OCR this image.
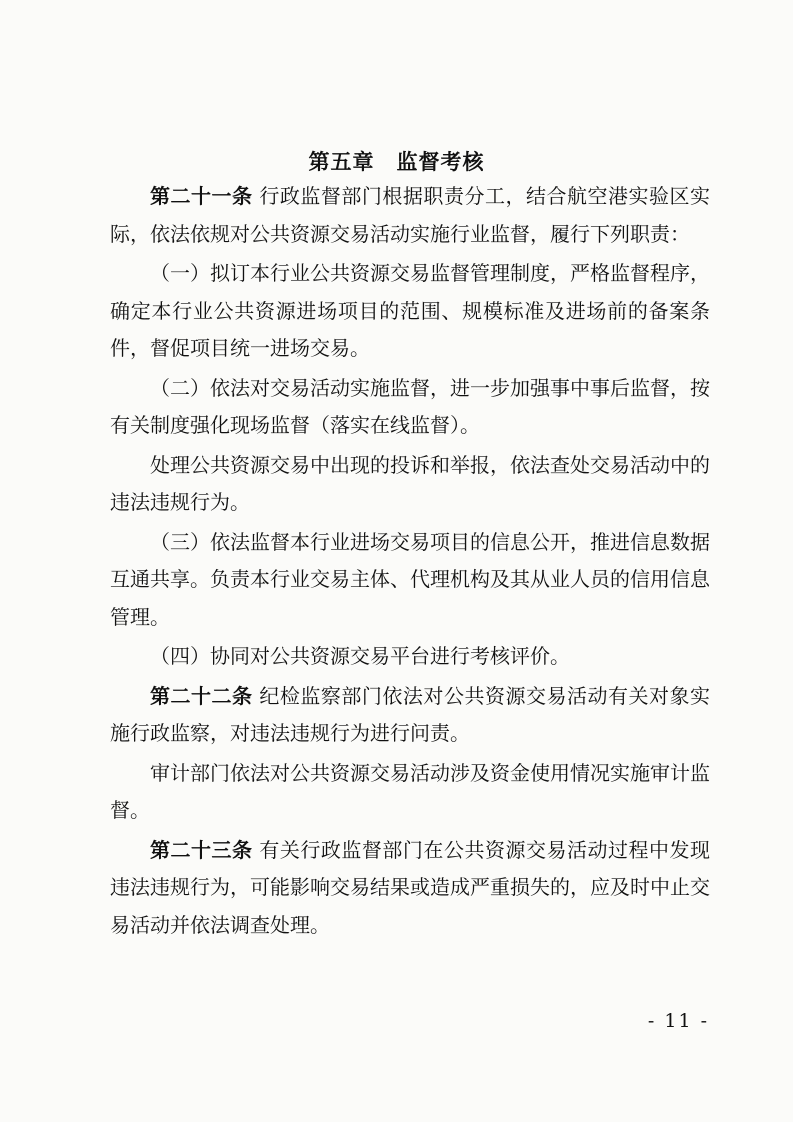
第五章　监督考核

第二十一条 行政监督部门根据职责分工，结合航空港实验区实际，依法依规对公共资源交易活动实施行业监督，履行下列职责：

（一）拟订本行业公共资源交易监督管理制度，严格监督程序，确定本行业公共资源进场项目的范围、规模标准及进场前的备案条件，督促项目统一进场交易。

（二）依法对交易活动实施监督，进一步加强事中事后监督，按有关制度强化现场监督（落实在线监督）。

处理公共资源交易中出现的投诉和举报，依法查处交易活动中的违法违规行为。

（三）依法监督本行业进场交易项目的信息公开，推进信息数据互通共享。负责本行业交易主体、代理机构及其从业人员的信用信息管理。

（四）协同对公共资源交易平台进行考核评价。

第二十二条 纪检监察部门依法对公共资源交易活动有关对象实施行政监察，对违法违规行为进行问责。

审计部门依法对公共资源交易活动涉及资金使用情况实施审计监督。

第二十三条 有关行政监督部门在公共资源交易活动过程中发现违法违规行为，可能影响交易结果或造成严重损失的，应及时中止交易活动并依法调查处理。

- 11 -
